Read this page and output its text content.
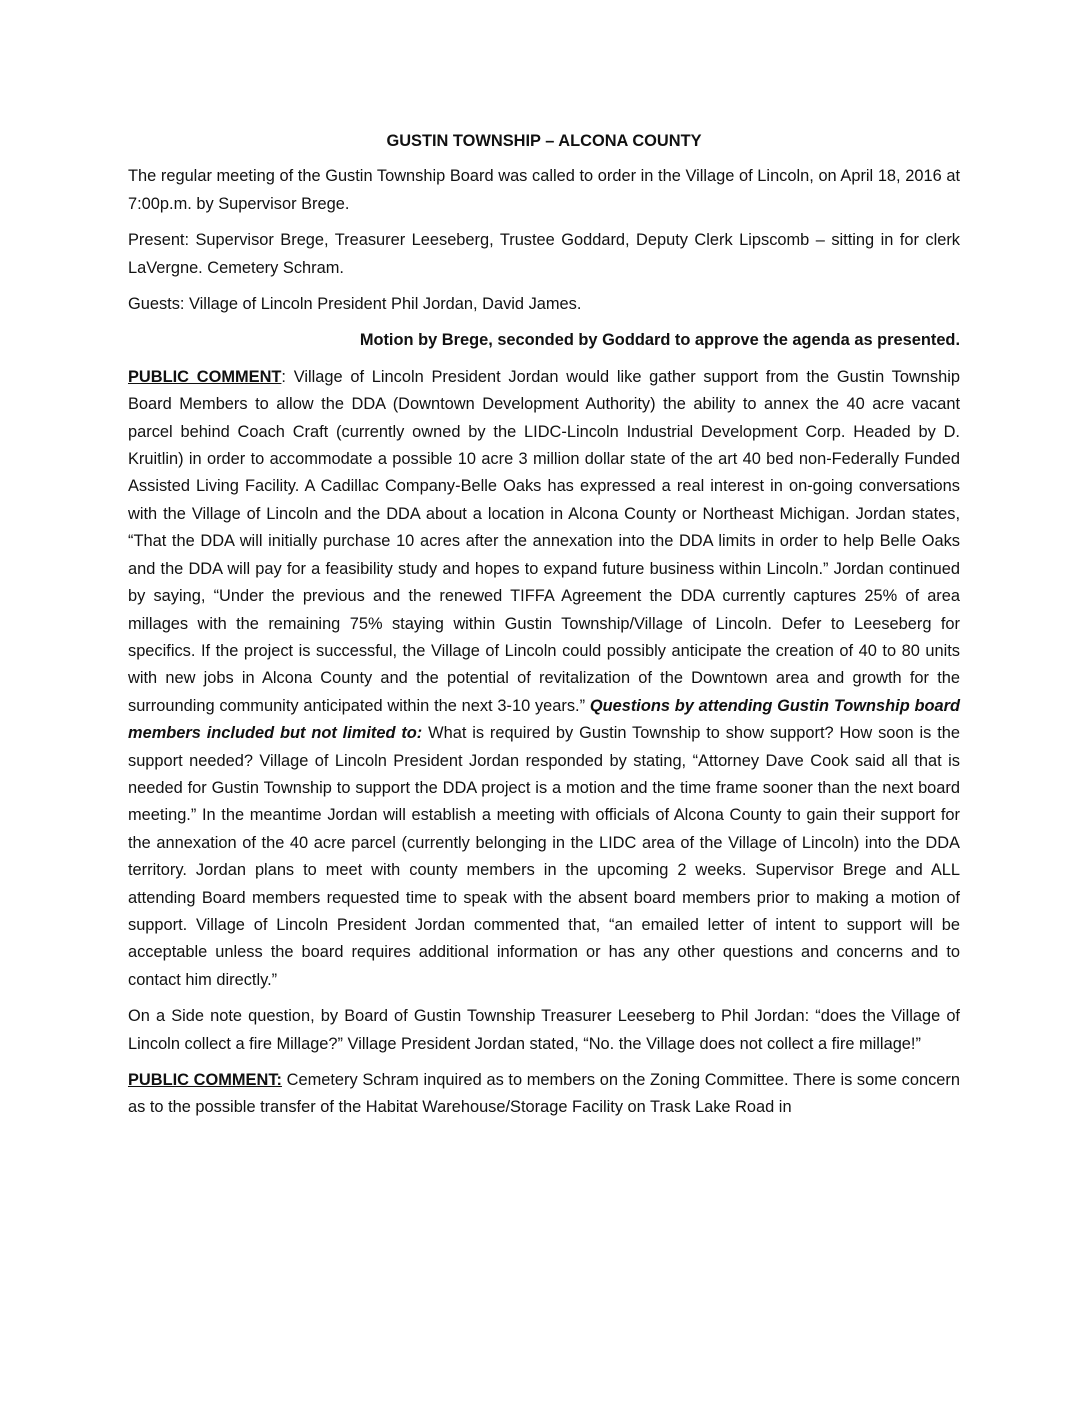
GUSTIN TOWNSHIP – ALCONA COUNTY

The regular meeting of the Gustin Township Board was called to order in the Village of Lincoln, on April 18, 2016 at 7:00p.m. by Supervisor Brege.

Present: Supervisor Brege, Treasurer Leeseberg, Trustee Goddard, Deputy Clerk Lipscomb – sitting in for clerk LaVergne. Cemetery Schram.

Guests: Village of Lincoln President Phil Jordan, David James.

Motion by Brege, seconded by Goddard to approve the agenda as presented.

PUBLIC COMMENT: Village of Lincoln President Jordan would like gather support from the Gustin Township Board Members to allow the DDA (Downtown Development Authority) the ability to annex the 40 acre vacant parcel behind Coach Craft (currently owned by the LIDC-Lincoln Industrial Development Corp. Headed by D. Kruitlin) in order to accommodate a possible 10 acre 3 million dollar state of the art 40 bed non-Federally Funded Assisted Living Facility. A Cadillac Company-Belle Oaks has expressed a real interest in on-going conversations with the Village of Lincoln and the DDA about a location in Alcona County or Northeast Michigan. Jordan states, “That the DDA will initially purchase 10 acres after the annexation into the DDA limits in order to help Belle Oaks and the DDA will pay for a feasibility study and hopes to expand future business within Lincoln.” Jordan continued by saying, “Under the previous and the renewed TIFFA Agreement the DDA currently captures 25% of area millages with the remaining 75% staying within Gustin Township/Village of Lincoln. Defer to Leeseberg for specifics. If the project is successful, the Village of Lincoln could possibly anticipate the creation of 40 to 80 units with new jobs in Alcona County and the potential of revitalization of the Downtown area and growth for the surrounding community anticipated within the next 3-10 years.” Questions by attending Gustin Township board members included but not limited to: What is required by Gustin Township to show support? How soon is the support needed? Village of Lincoln President Jordan responded by stating, “Attorney Dave Cook said all that is needed for Gustin Township to support the DDA project is a motion and the time frame sooner than the next board meeting.” In the meantime Jordan will establish a meeting with officials of Alcona County to gain their support for the annexation of the 40 acre parcel (currently belonging in the LIDC area of the Village of Lincoln) into the DDA territory. Jordan plans to meet with county members in the upcoming 2 weeks. Supervisor Brege and ALL attending Board members requested time to speak with the absent board members prior to making a motion of support. Village of Lincoln President Jordan commented that, “an emailed letter of intent to support will be acceptable unless the board requires additional information or has any other questions and concerns and to contact him directly.”

On a Side note question, by Board of Gustin Township Treasurer Leeseberg to Phil Jordan: “does the Village of Lincoln collect a fire Millage?” Village President Jordan stated, “No. the Village does not collect a fire millage!”

PUBLIC COMMENT: Cemetery Schram inquired as to members on the Zoning Committee. There is some concern as to the possible transfer of the Habitat Warehouse/Storage Facility on Trask Lake Road in
